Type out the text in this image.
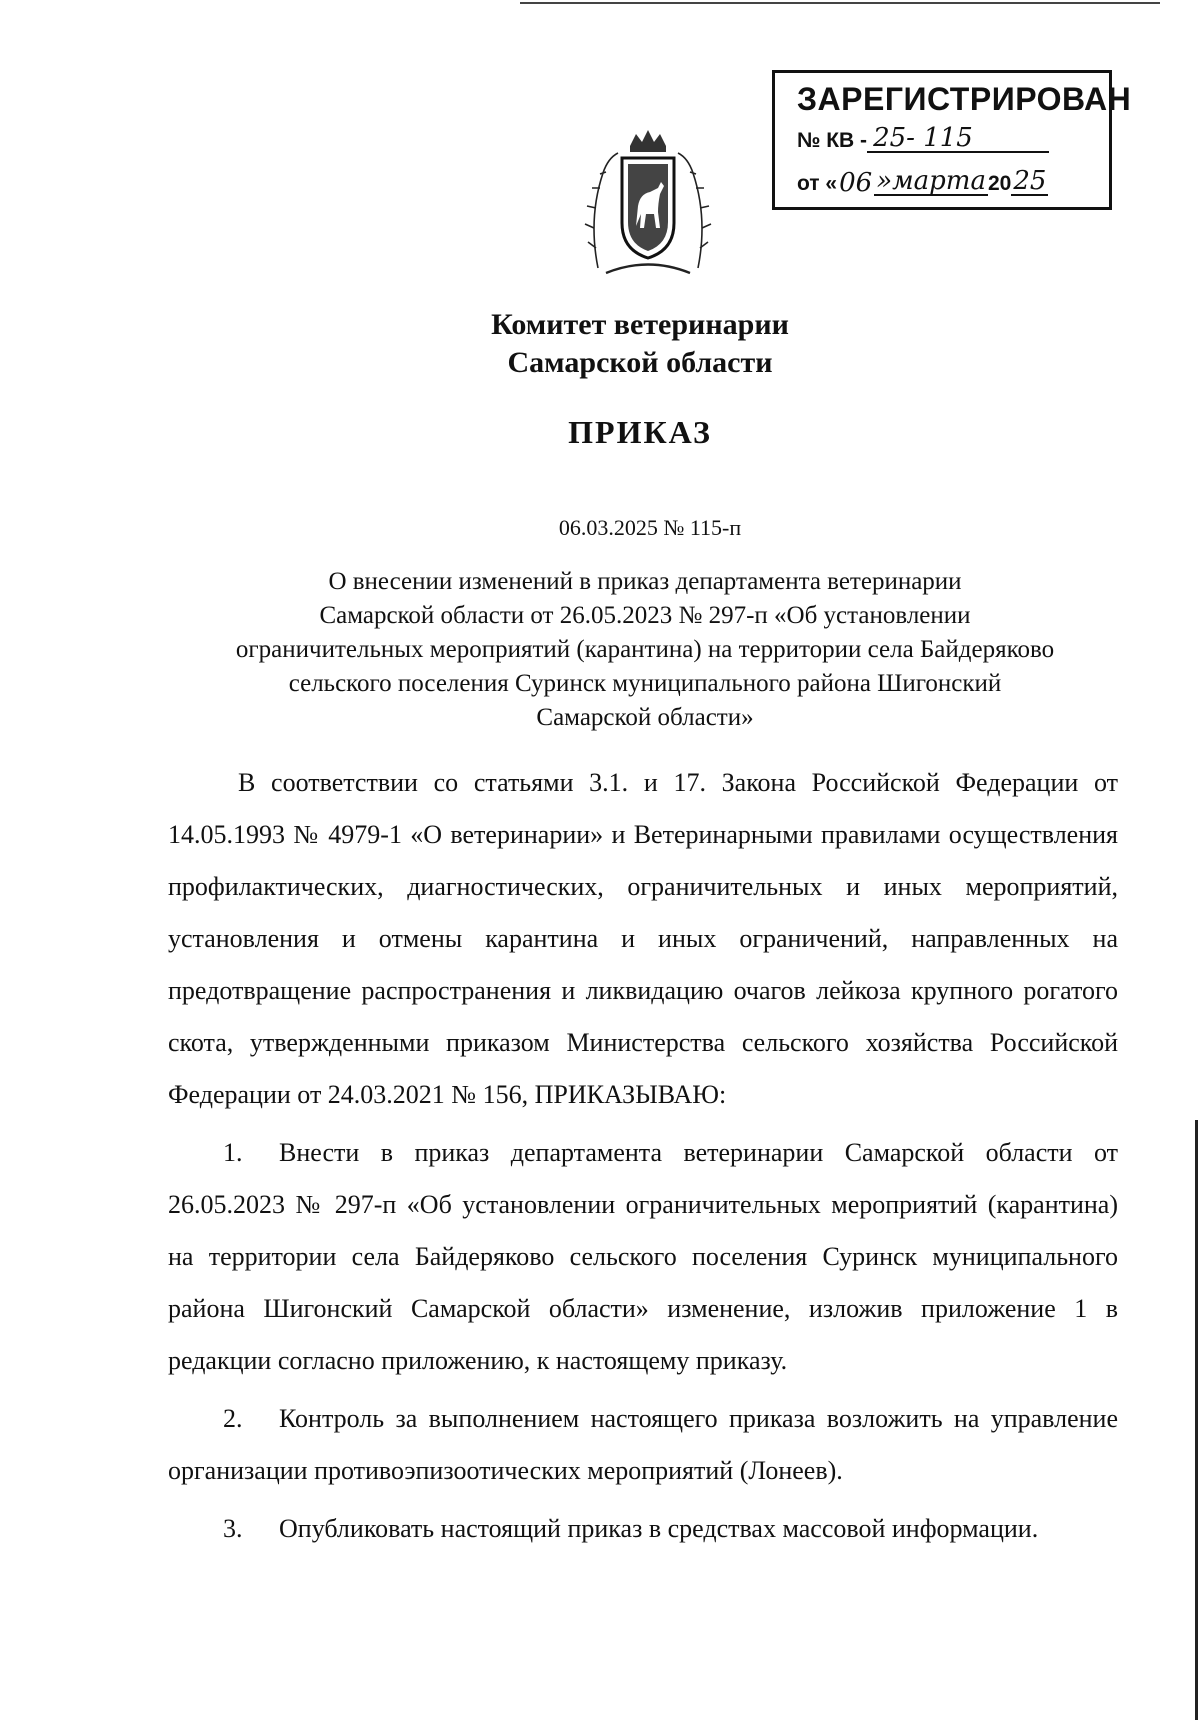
ЗАРЕГИСТРИРОВАН
№ КВ - 25- 115
от « 06 »марта 20 25
Комитет ветеринарии
Самарской области
ПРИКАЗ
06.03.2025 № 115-п
О внесении изменений в приказ департамента ветеринарии
Самарской области от 26.05.2023 № 297-п «Об установлении
ограничительных мероприятий (карантина) на территории села Байдеряково
сельского поселения Суринск муниципального района Шигонский
Самарской области»

В соответствии со статьями 3.1. и 17. Закона Российской Федерации от 14.05.1993 № 4979-1 «О ветеринарии» и Ветеринарными правилами осуществления профилактических, диагностических, ограничительных и иных мероприятий, установления и отмены карантина и иных ограничений, направленных на предотвращение распространения и ликвидацию очагов лейкоза крупного рогатого скота, утвержденными приказом Министерства сельского хозяйства Российской Федерации от 24.03.2021 № 156, ПРИКАЗЫВАЮ:

1. Внести в приказ департамента ветеринарии Самарской области от 26.05.2023 № 297-п «Об установлении ограничительных мероприятий (карантина) на территории села Байдеряково сельского поселения Суринск муниципального района Шигонский Самарской области» изменение, изложив приложение 1 в редакции согласно приложению, к настоящему приказу.

2. Контроль за выполнением настоящего приказа возложить на управление организации противоэпизоотических мероприятий (Лонеев).

3. Опубликовать настоящий приказ в средствах массовой информации.
